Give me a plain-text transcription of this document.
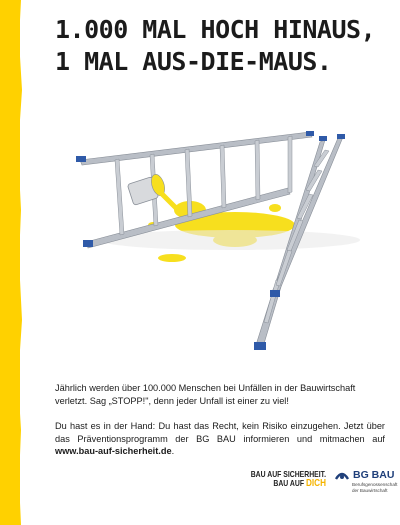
1.000 MAL HOCH HINAUS,
1 MAL AUS-DIE-MAUS.
Jährlich werden über 100.000 Menschen bei Unfällen in der Bauwirtschaft verletzt. Sag „STOPP!", denn jeder Unfall ist einer zu viel!
Du hast es in der Hand: Du hast das Recht, kein Risiko einzugehen. Jetzt über das Präventionsprogramm der BG BAU informieren und mitmachen auf www.bau-auf-sicherheit.de.
BAU AUF SICHERHEIT.
BAU AUF DICH
BG BAU
Berufsgenossenschaft
der Bauwirtschaft
